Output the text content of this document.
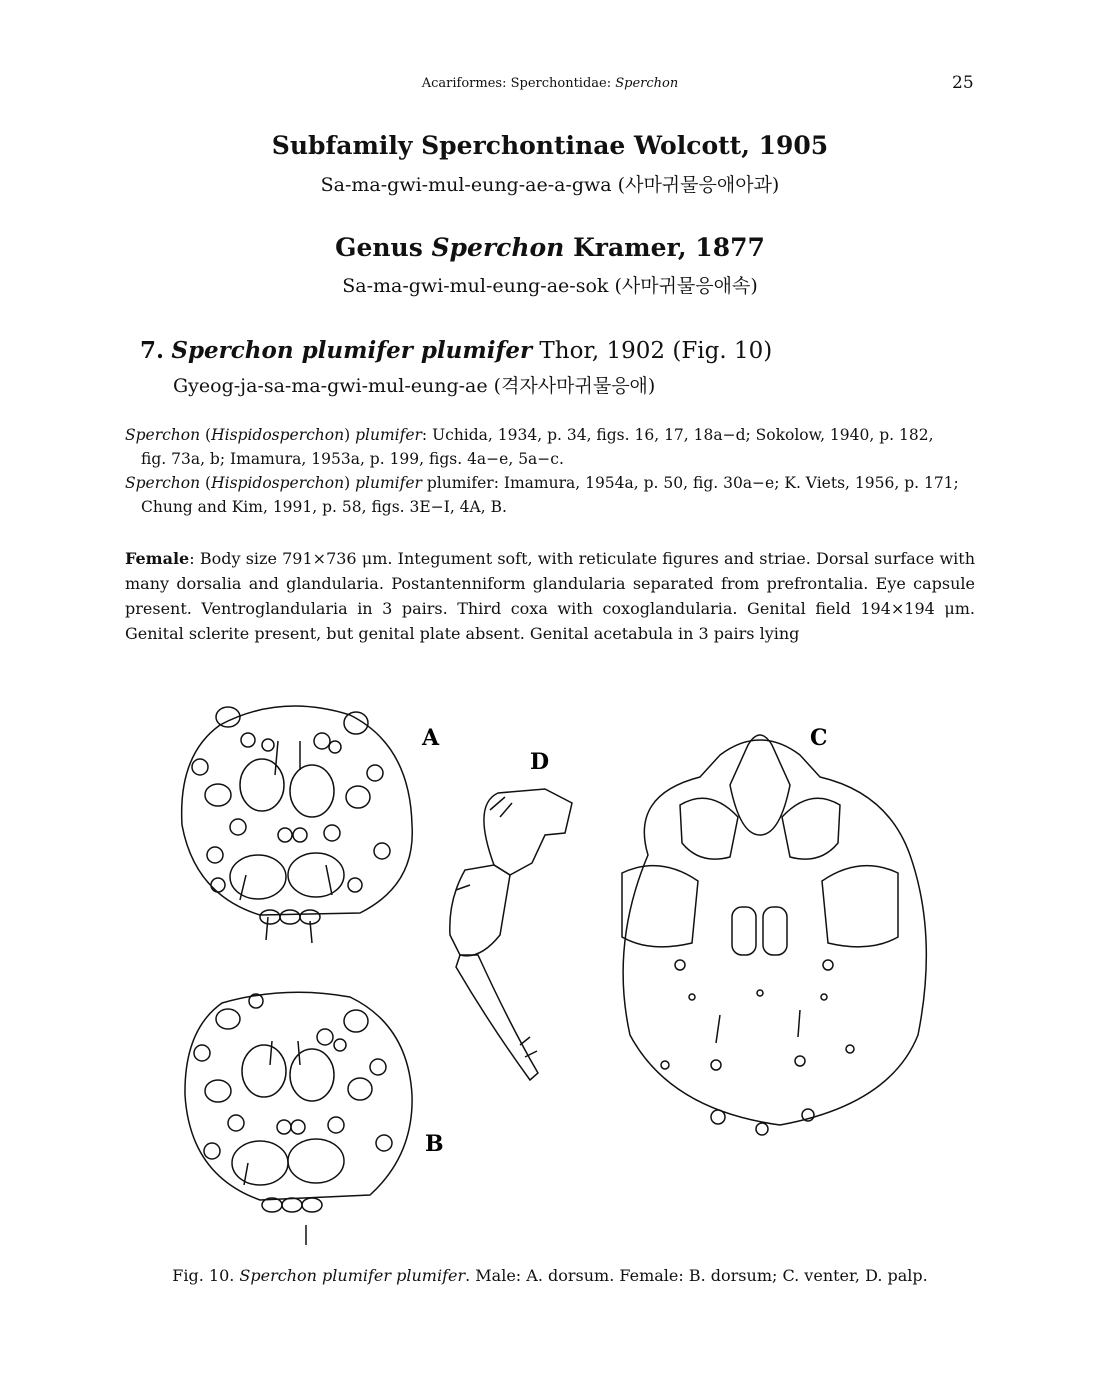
Acariformes: Sperchontidae: Sperchon	25
Subfamily Sperchontinae Wolcott, 1905
Sa-ma-gwi-mul-eung-ae-a-gwa (사마귀물응애아과)
Genus Sperchon Kramer, 1877
Sa-ma-gwi-mul-eung-ae-sok (사마귀물응애속)
7. Sperchon plumifer plumifer Thor, 1902 (Fig. 10)
Gyeog-ja-sa-ma-gwi-mul-eung-ae (격자사마귀물응애)
Sperchon (Hispidosperchon) plumifer: Uchida, 1934, p. 34, figs. 16, 17, 18a−d; Sokolow, 1940, p. 182,
fig. 73a, b; Imamura, 1953a, p. 199, figs. 4a−e, 5a−c.
Sperchon (Hispidosperchon) plumifer plumifer: Imamura, 1954a, p. 50, fig. 30a−e; K. Viets, 1956, p. 171;
Chung and Kim, 1991, p. 58, figs. 3E−I, 4A, B.
Female: Body size 791×736 μm. Integument soft, with reticulate figures and striae. Dorsal surface with many dorsalia and glandularia. Postantenniform glandularia separated from prefrontalia. Eye capsule present. Ventroglandularia in 3 pairs. Third coxa with coxoglandularia. Genital field 194×194 μm. Genital sclerite present, but genital plate absent. Genital acetabula in 3 pairs lying
A
B
C
D
Fig. 10. Sperchon plumifer plumifer. Male: A. dorsum. Female: B. dorsum; C. venter, D. palp.
